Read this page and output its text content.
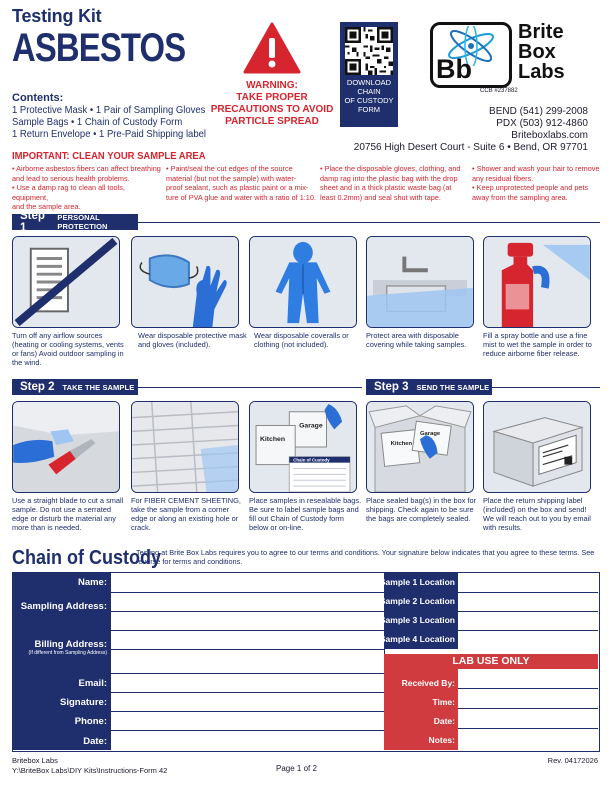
Testing Kit
ASBESTOS
Contents:
1 Protective Mask • 1 Pair of Sampling Gloves
Sample Bags • 1 Chain of Custody Form
1 Return Envelope • 1 Pre-Paid Shipping label
WARNING:
TAKE PROPER
PRECAUTIONS TO AVOID
PARTICLE SPREAD
DOWNLOAD
CHAIN
OF CUSTODY
FORM
Bb
Brite
Box
Labs
CCB #237882
BEND (541) 299-2008
PDX (503) 912-4860
Briteboxlabs.com
20756 High Desert Court - Suite 6 • Bend, OR 97701
IMPORTANT: CLEAN YOUR SAMPLE AREA
• Airborne asbestos fibers can affect breathing
and lead to serious health problems.
• Use a damp rag to clean all tools, equipment,
and the sample area.
• Paint/seal the cut edges of the source
material (but not the sample) with water-
proof sealant, such as plastic paint or a mix-
ture of PVA glue and water with a ratio of 1:10.
• Place the disposable gloves, clothing, and
damp rag into the plastic bag with the drop
sheet and in a thick plastic waste bag (at
least 0.2mm) and seal shut with tape.
• Shower and wash your hair to remove
any residual fibers.
• Keep unprotected people and pets
away from the sampling area.
Step 1
PERSONAL PROTECTION
Turn off any airflow sources (heating or cooling systems, vents or fans) Avoid outdoor sampling in the wind.
Wear disposable protective mask and gloves (included).
Wear disposable coveralls or clothing (not included).
Protect area with disposable covering while taking samples.
Fill a spray bottle and use a fine mist to wet the sample in order to reduce airborne fiber release.
Step 2	TAKE THE SAMPLE
Use a straight blade to cut a small sample. Do not use a serrated edge or disturb the material any more than is needed.
For FIBER CEMENT SHEETING, take the sample from a corner edge or along an existing hole or crack.
Garage
Kitchen
Chain of Custody
Place samples in resealable bags. Be sure to label sample bags and fill out Chain of Custody form below or on-line.
Step 3	SEND THE SAMPLE
Kitchen
Garage
Place sealed bag(s) in the box for shipping. Check again to be sure the bags are completely sealed.
Place the return shipping label (included) on the box and send! We will reach out to you by email with results.
Chain of Custody
Testing at Brite Box Labs requires you to agree to our terms and conditions. Your signature below indicates that you agree to these terms. See reverse for terms and conditions.
LAB USE ONLY
Name:
Sampling Address:
Billing Address:
(If different from Sampling Address)
Email:
Signature:
Phone:
Date:
Sample 1 Location
Sample 2 Location
Sample 3 Location
Sample 4 Location
Received By:
Time:
Date:
Notes:
Britebox Labs
Y:\BriteBox Labs\DIY Kits\Instructions-Form 42	Page 1 of 2
Rev. 04172026
